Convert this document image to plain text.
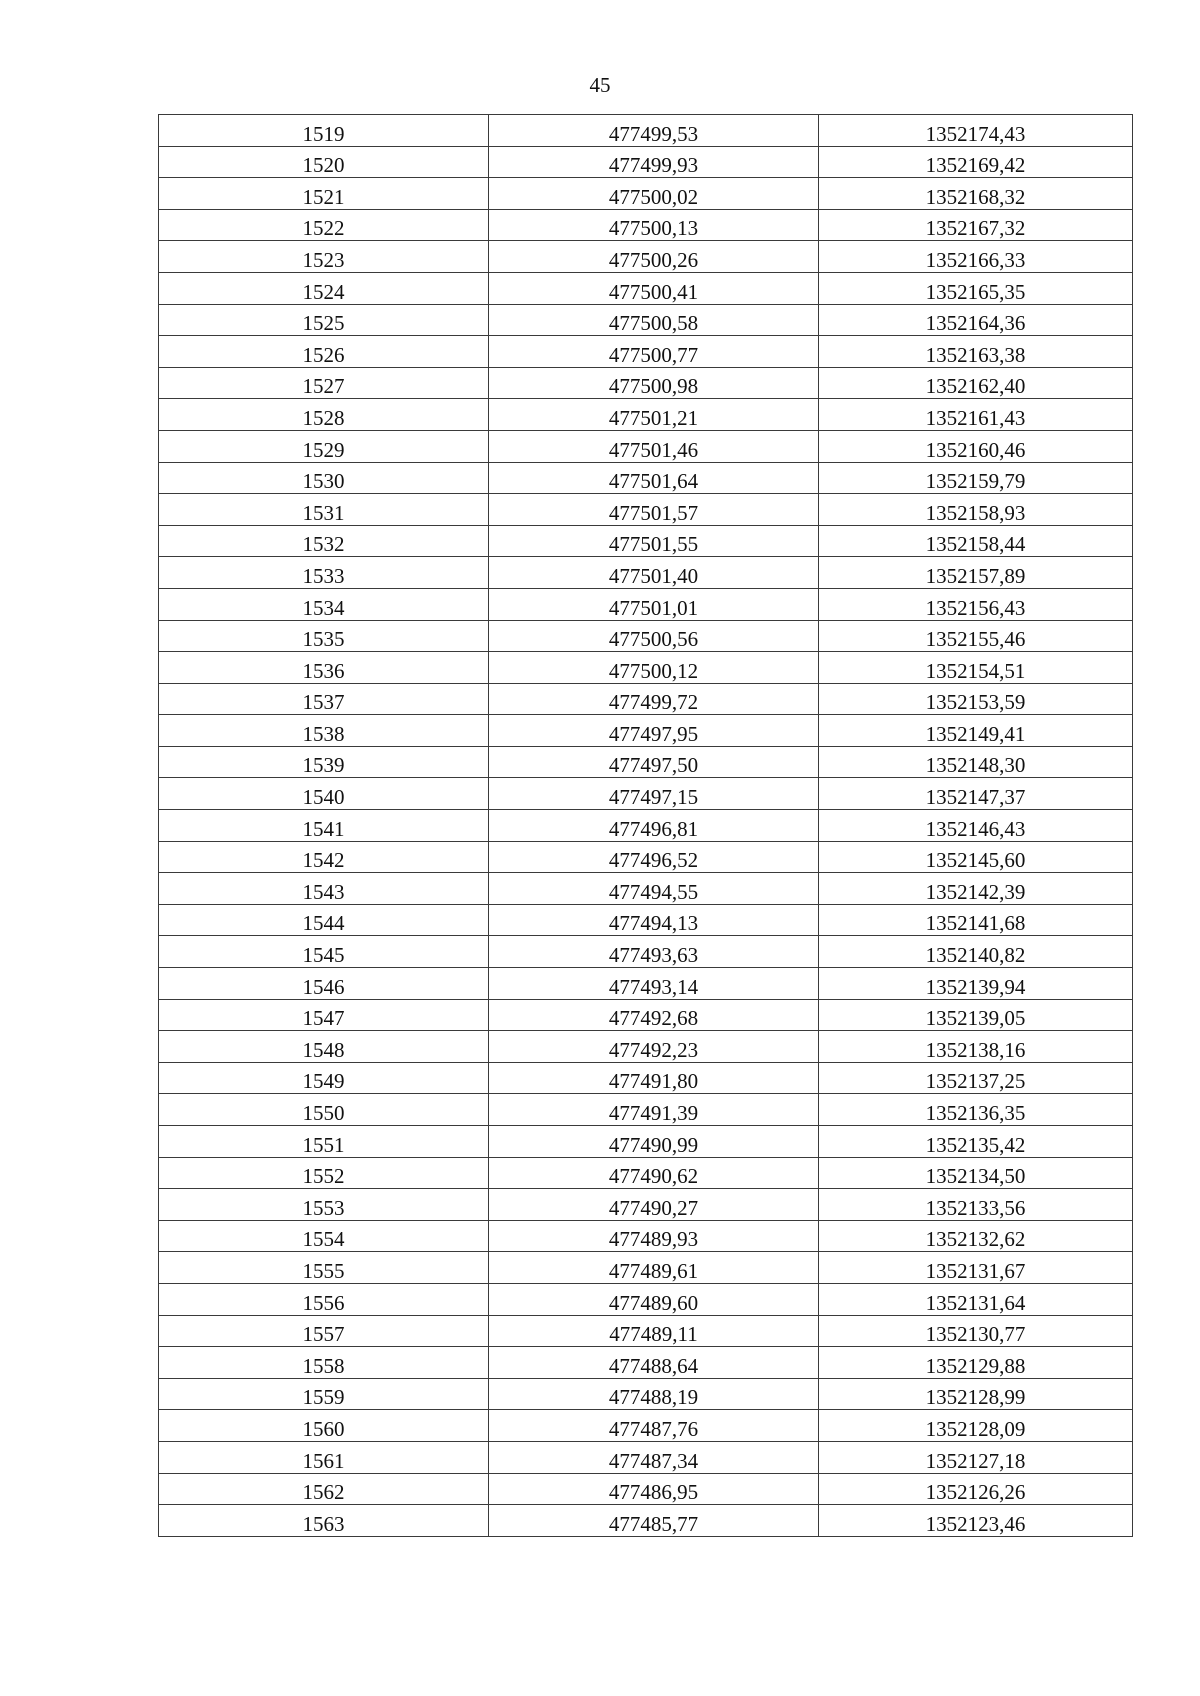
45
1519	477499,53	1352174,43
1520	477499,93	1352169,42
1521	477500,02	1352168,32
1522	477500,13	1352167,32
1523	477500,26	1352166,33
1524	477500,41	1352165,35
1525	477500,58	1352164,36
1526	477500,77	1352163,38
1527	477500,98	1352162,40
1528	477501,21	1352161,43
1529	477501,46	1352160,46
1530	477501,64	1352159,79
1531	477501,57	1352158,93
1532	477501,55	1352158,44
1533	477501,40	1352157,89
1534	477501,01	1352156,43
1535	477500,56	1352155,46
1536	477500,12	1352154,51
1537	477499,72	1352153,59
1538	477497,95	1352149,41
1539	477497,50	1352148,30
1540	477497,15	1352147,37
1541	477496,81	1352146,43
1542	477496,52	1352145,60
1543	477494,55	1352142,39
1544	477494,13	1352141,68
1545	477493,63	1352140,82
1546	477493,14	1352139,94
1547	477492,68	1352139,05
1548	477492,23	1352138,16
1549	477491,80	1352137,25
1550	477491,39	1352136,35
1551	477490,99	1352135,42
1552	477490,62	1352134,50
1553	477490,27	1352133,56
1554	477489,93	1352132,62
1555	477489,61	1352131,67
1556	477489,60	1352131,64
1557	477489,11	1352130,77
1558	477488,64	1352129,88
1559	477488,19	1352128,99
1560	477487,76	1352128,09
1561	477487,34	1352127,18
1562	477486,95	1352126,26
1563	477485,77	1352123,46
